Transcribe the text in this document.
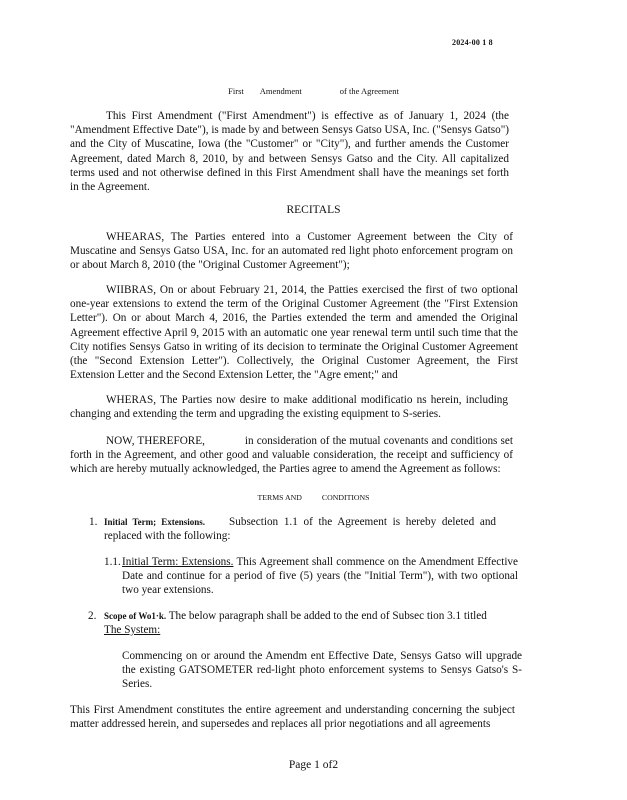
2024-00 1 8
First Amendment	of the Agreement
This First Amendment ("First Amendment") is effective as of January 1, 2024 (the "Amendment Effective Date"), is made by and between Sensys Gatso USA, Inc. ("Sensys Gatso") and the City of Muscatine, Iowa (the "Customer" or "City"), and further amends the Customer Agreement, dated March 8, 2010, by and between Sensys Gatso and the City. All capitalized terms used and not otherwise defined in this First Amendment shall have the meanings set forth in the Agreement.
RECITALS
WHEARAS, The Parties entered into a Customer Agreement between the City of Muscatine and Sensys Gatso USA, Inc. for an automated red light photo enforcement program on or about March 8, 2010 (the "Original Customer Agreement");
WIIBRAS, On or about February 21, 2014, the Patties exercised the first of two optional one-year extensions to extend the term of the Original Customer Agreement (the "First Extension Letter"). On or about March 4, 2016, the Parties extended the term and amended the Original Agreement effective April 9, 2015 with an automatic one year renewal term until such time that the City notifies Sensys Gatso in writing of its decision to terminate the Original Customer Agreement (the "Second Extension Letter"). Collectively, the Original Customer Agreement, the First Extension Letter and the Second Extension Letter, the "Agre ement;" and
WHERAS, The Parties now desire to make additional modificatio ns herein, including changing and extending the term and upgrading the existing equipment to S-series.
NOW, THEREFORE,	in consideration of the mutual covenants and conditions set forth in the Agreement, and other good and valuable consideration, the receipt and sufficiency of which are hereby mutually acknowledged, the Parties agree to amend the Agreement as follows:
TERMS AND	CONDITIONS
1. Initial Term; Extensions. Subsection 1.1 of the Agreement is hereby deleted and replaced with the following:
1.1. Initial Term: Extensions. This Agreement shall commence on the Amendment Effective Date and continue for a period of five (5) years (the "Initial Term"), with two optional two year extensions.
2. Scope of Wo1·k. The below paragraph shall be added to the end of Subsec tion 3.1 titled
The System:
Commencing on or around the Amendm ent Effective Date, Sensys Gatso will upgrade the existing GATSOMETER red-light photo enforcement systems to Sensys Gatso's S-Series.
This First Amendment constitutes the entire agreement and understanding concerning the subject matter addressed herein, and supersedes and replaces all prior negotiations and all agreements
Page 1 of2
